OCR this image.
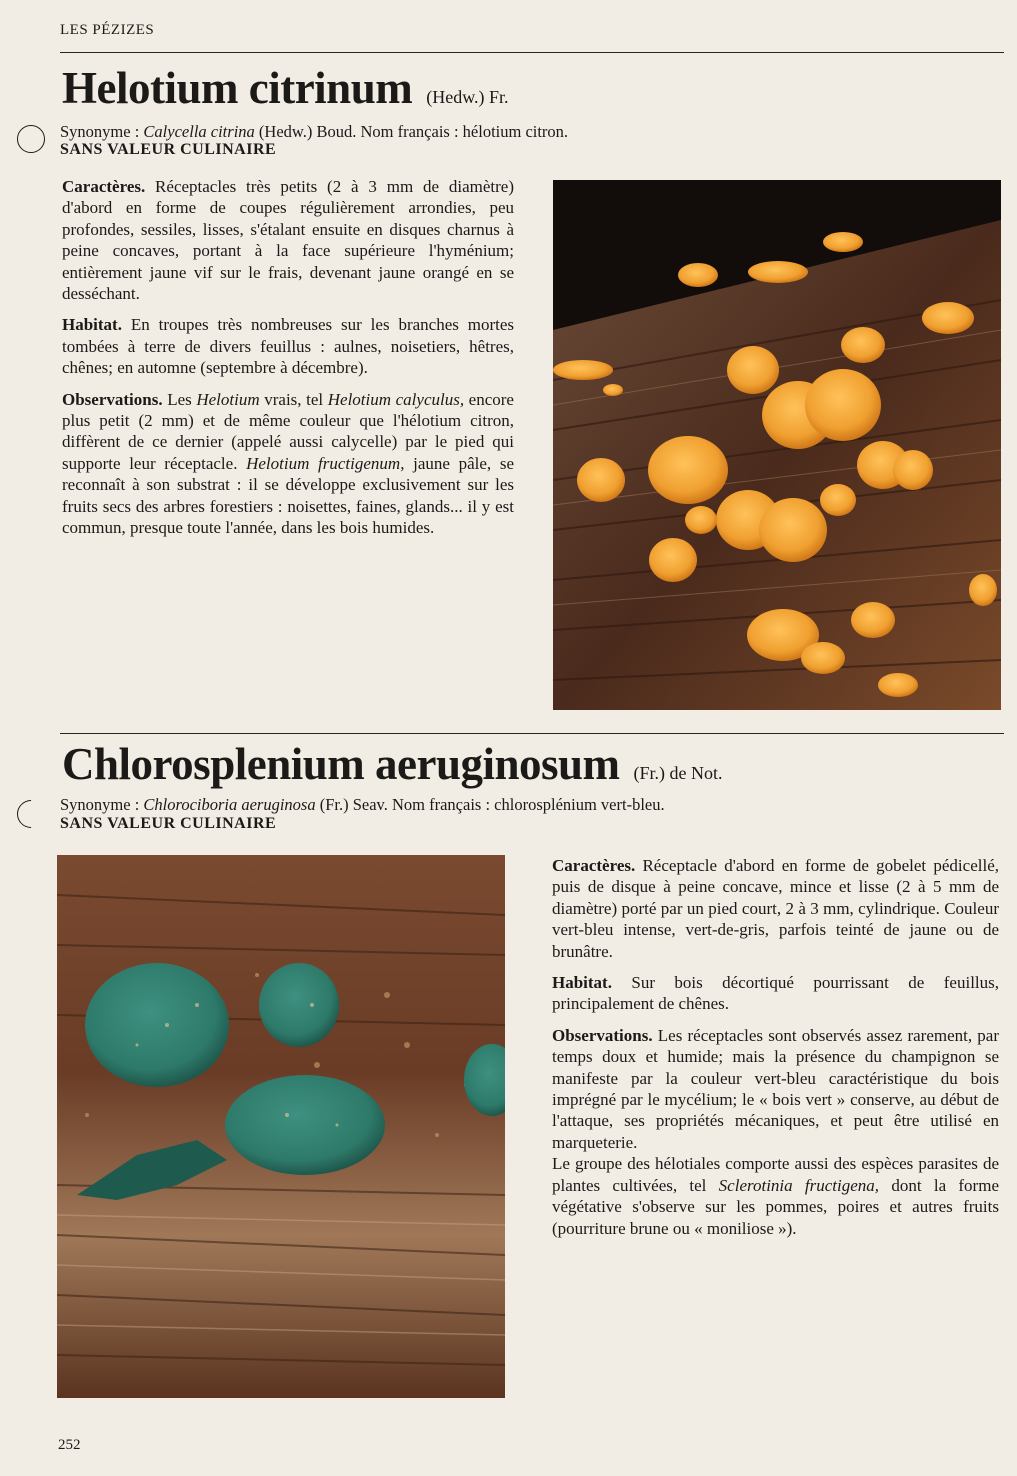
LES PÉZIZES
Helotium citrinum (Hedw.) Fr.
Synonyme : Calycella citrina (Hedw.) Boud. Nom français : hélotium citron.
SANS VALEUR CULINAIRE

Caractères. Réceptacles très petits (2 à 3 mm de diamètre) d'abord en forme de coupes régulièrement arrondies, peu profondes, sessiles, lisses, s'étalant ensuite en disques charnus à peine concaves, portant à la face supérieure l'hyménium; entièrement jaune vif sur le frais, devenant jaune orangé en se desséchant.

Habitat. En troupes très nombreuses sur les branches mortes tombées à terre de divers feuillus : aulnes, noisetiers, hêtres, chênes; en automne (septembre à décembre).

Observations. Les Helotium vrais, tel Helotium calyculus, encore plus petit (2 mm) et de même couleur que l'hélotium citron, diffèrent de ce dernier (appelé aussi calycelle) par le pied qui supporte leur réceptacle. Helotium fructigenum, jaune pâle, se reconnaît à son substrat : il se développe exclusivement sur les fruits secs des arbres forestiers : noisettes, faines, glands... il y est commun, presque toute l'année, dans les bois humides.

Chlorosplenium aeruginosum (Fr.) de Not.
Synonyme : Chlorociboria aeruginosa (Fr.) Seav. Nom français : chlorosplénium vert-bleu.
SANS VALEUR CULINAIRE

Caractères. Réceptacle d'abord en forme de gobelet pédicellé, puis de disque à peine concave, mince et lisse (2 à 5 mm de diamètre) porté par un pied court, 2 à 3 mm, cylindrique. Couleur vert-bleu intense, vert-de-gris, parfois teinté de jaune ou de brunâtre.

Habitat. Sur bois décortiqué pourrissant de feuillus, principalement de chênes.

Observations. Les réceptacles sont observés assez rarement, par temps doux et humide; mais la présence du champignon se manifeste par la couleur vert-bleu caractéristique du bois imprégné par le mycélium; le « bois vert » conserve, au début de l'attaque, ses propriétés mécaniques, et peut être utilisé en marqueterie.

Le groupe des hélotiales comporte aussi des espèces parasites de plantes cultivées, tel Sclerotinia fructigena, dont la forme végétative s'observe sur les pommes, poires et autres fruits (pourriture brune ou « moniliose »).

252
